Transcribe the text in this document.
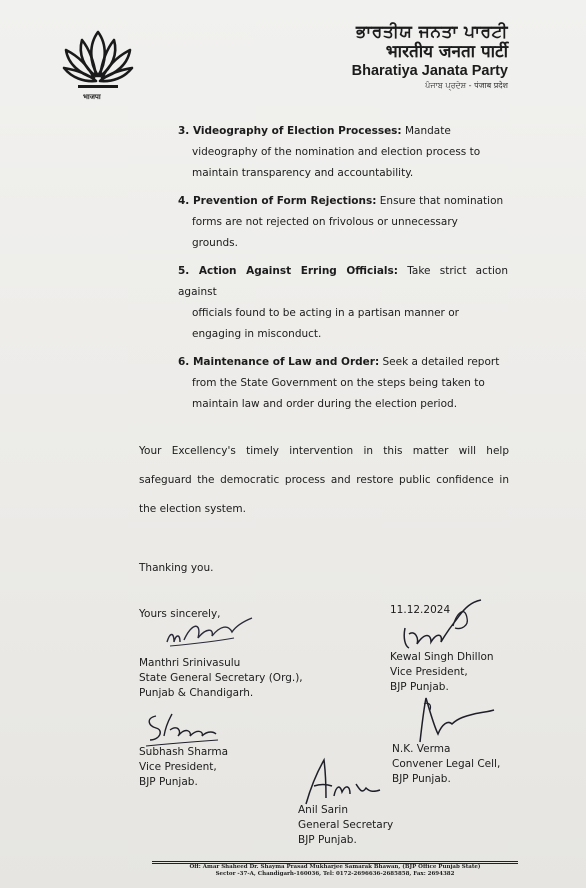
भाजपा
ਭਾਰਤੀਯ ਜਨਤਾ ਪਾਰਟੀ
भारतीय जनता पार्टी
Bharatiya Janata Party
ਪੰਜਾਬ ਪ੍ਰਦੇਸ਼ - पंजाब प्रदेश
3. Videography of Election Processes: Mandate
videography of the nomination and election process to
maintain transparency and accountability.
4. Prevention of Form Rejections: Ensure that nomination
forms are not rejected on frivolous or unnecessary
grounds.
5. Action Against Erring Officials: Take strict action against
officials found to be acting in a partisan manner or
engaging in misconduct.
6. Maintenance of Law and Order: Seek a detailed report
from the State Government on the steps being taken to
maintain law and order during the election period.
Your Excellency's timely intervention in this matter will help safeguard the democratic process and restore public confidence in the election system.
Thanking you.
Yours sincerely,	11.12.2024
Manthri Srinivasulu
State General Secretary (Org.),
Punjab & Chandigarh.
Kewal Singh Dhillon
Vice President,
BJP Punjab.
Subhash Sharma
Vice President,
BJP Punjab.
N.K. Verma
Convener Legal Cell,
BJP Punjab.
Anil Sarin
General Secretary
BJP Punjab.
Off: Amar Shaheed Dr. Shayma Prasad Mukharjee Samarak Bhawan, (BJP Office Punjab State)
Sector -37-A, Chandigarh-160036, Tel: 0172-2696636-2685858, Fax: 2694382
